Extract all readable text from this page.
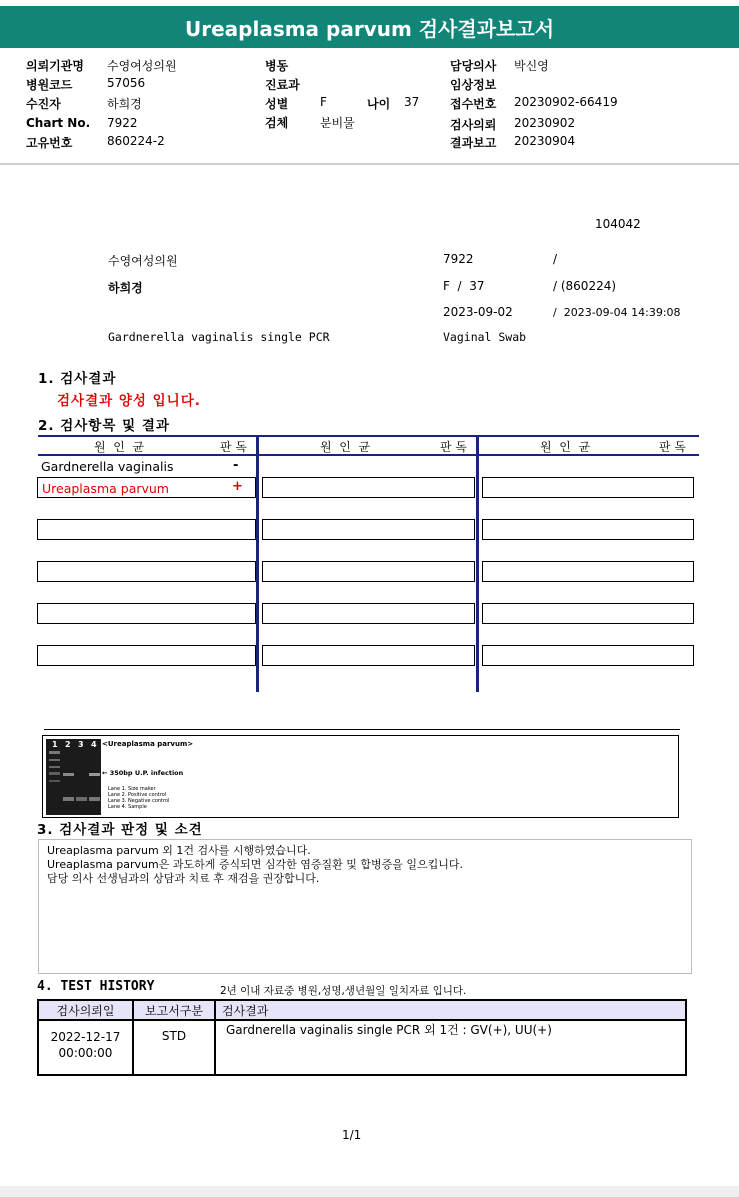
Ureaplasma parvum 검사결과보고서
의뢰기관명 수영여성의원
병원코드	57056
수진자	하희경
Chart No. 7922
고유번호	860224-2
병동
진료과
성별	F	나이 37
검체	분비물
담당의사 박신영
임상정보
접수번호 20230902-66419
검사의뢰 20230902
결과보고 20230904
104042
수영여성의원	7922	/
하희경	F  /  37	/ (860224)
2023-09-02	/  2023-09-04 14:39:08
Gardnerella vaginalis single PCR	Vaginal Swab
1. 검사결과
검사결과 양성 입니다.
2. 검사항목 및 결과
원  인  균	판 독	원  인  균	판 독	원  인  균	판 독
Gardnerella vaginalis	-
Ureaplasma parvum	+
1 2 3 4 <Ureaplasma parvum>
← 350bp U.P. infection
Lane 1. Size maker
Lane 2. Positive control
Lane 3. Negative control
Lane 4. Sample
3. 검사결과 판정 및 소견
Ureaplasma parvum 외 1건 검사를 시행하였습니다.
Ureaplasma parvum은 과도하게 증식되면 심각한 염증질환 및 합병증을 일으킵니다.
담당 의사 선생님과의 상담과 치료 후 재검을 권장합니다.
4. TEST HISTORY	2년 이내 자료중 병원,성명,생년월일 일치자료 입니다.
검사의뢰일	보고서구분	검사결과
2022-12-17
00:00:00
STD	Gardnerella vaginalis single PCR 외 1건 : GV(+), UU(+)
1/1
